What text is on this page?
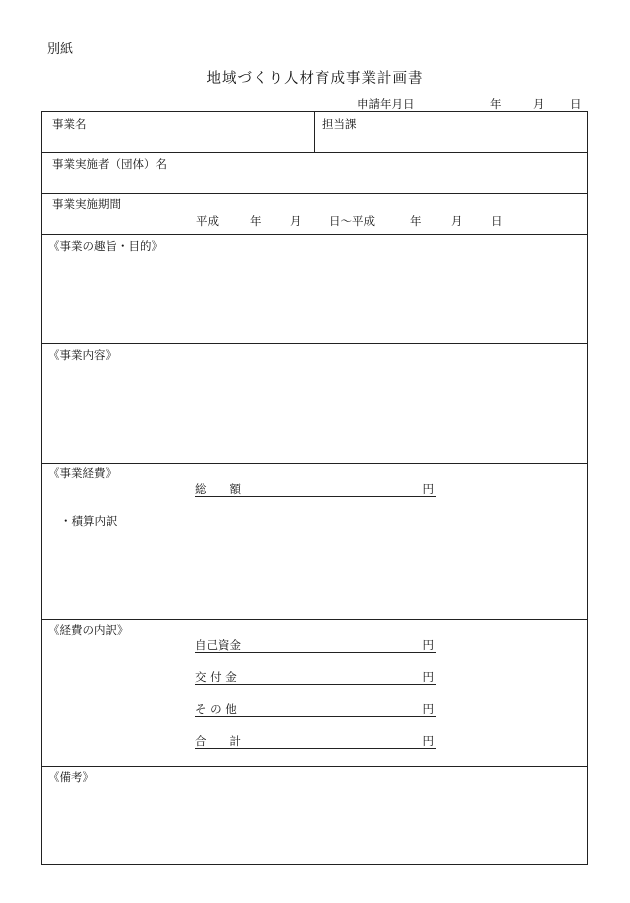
別紙
地域づくり人材育成事業計画書
申請年月日	年	月 日
事業名	担当課
事業実施者（団体）名
事業実施期間
平成	年 月 日～平成	年	月 日
《事業の趣旨・目的》
《事業内容》
《事業経費》
総　　額	円
・積算内訳
《経費の内訳》
自己資金	円
交 付 金	円
そ の 他	円
合　　計	円
《備考》
